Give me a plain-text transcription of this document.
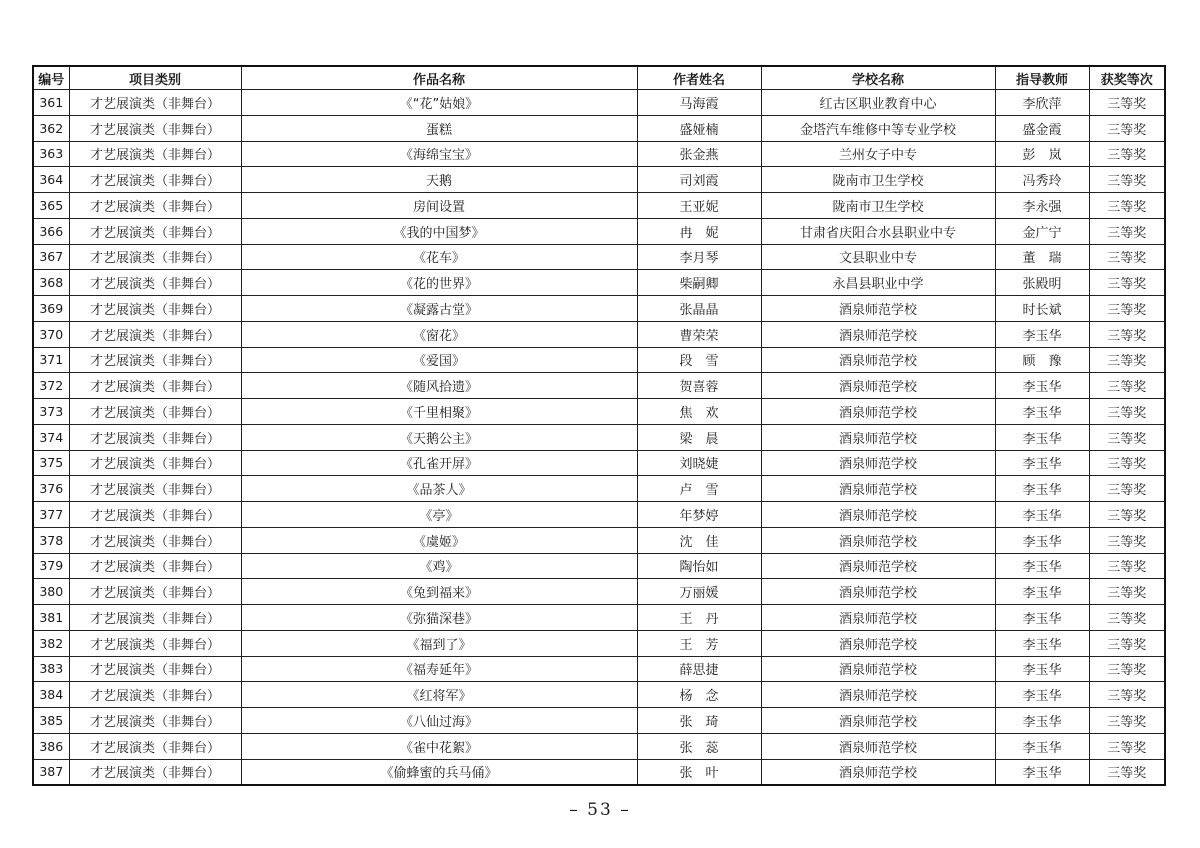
编号	项目类别	作品名称	作者姓名	学校名称	指导教师	获奖等次
361	才艺展演类（非舞台）	《“花”姑娘》	马海霞	红古区职业教育中心	李欣萍	三等奖
362	才艺展演类（非舞台）	蛋糕	盛娅楠	金塔汽车维修中等专业学校	盛金霞	三等奖
363	才艺展演类（非舞台）	《海绵宝宝》	张金燕	兰州女子中专	彭　岚	三等奖
364	才艺展演类（非舞台）	天鹅	司刘霞	陇南市卫生学校	冯秀玲	三等奖
365	才艺展演类（非舞台）	房间设置	王亚妮	陇南市卫生学校	李永强	三等奖
366	才艺展演类（非舞台）	《我的中国梦》	冉　妮	甘肃省庆阳合水县职业中专	金广宁	三等奖
367	才艺展演类（非舞台）	《花车》	李月琴	文县职业中专	董　瑞	三等奖
368	才艺展演类（非舞台）	《花的世界》	柴嗣卿	永昌县职业中学	张殿明	三等奖
369	才艺展演类（非舞台）	《凝露古堂》	张晶晶	酒泉师范学校	时长斌	三等奖
370	才艺展演类（非舞台）	《窗花》	曹荣荣	酒泉师范学校	李玉华	三等奖
371	才艺展演类（非舞台）	《爱国》	段　雪	酒泉师范学校	顾　豫	三等奖
372	才艺展演类（非舞台）	《随风拾遗》	贺喜蓉	酒泉师范学校	李玉华	三等奖
373	才艺展演类（非舞台）	《千里相聚》	焦　欢	酒泉师范学校	李玉华	三等奖
374	才艺展演类（非舞台）	《天鹅公主》	梁　晨	酒泉师范学校	李玉华	三等奖
375	才艺展演类（非舞台）	《孔雀开屏》	刘晓婕	酒泉师范学校	李玉华	三等奖
376	才艺展演类（非舞台）	《品茶人》	卢　雪	酒泉师范学校	李玉华	三等奖
377	才艺展演类（非舞台）	《亭》	年梦婷	酒泉师范学校	李玉华	三等奖
378	才艺展演类（非舞台）	《虞姬》	沈　佳	酒泉师范学校	李玉华	三等奖
379	才艺展演类（非舞台）	《鸡》	陶怡如	酒泉师范学校	李玉华	三等奖
380	才艺展演类（非舞台）	《兔到福来》	万丽媛	酒泉师范学校	李玉华	三等奖
381	才艺展演类（非舞台）	《弥猫深巷》	王　丹	酒泉师范学校	李玉华	三等奖
382	才艺展演类（非舞台）	《福到了》	王　芳	酒泉师范学校	李玉华	三等奖
383	才艺展演类（非舞台）	《福寿延年》	薛思捷	酒泉师范学校	李玉华	三等奖
384	才艺展演类（非舞台）	《红将军》	杨　念	酒泉师范学校	李玉华	三等奖
385	才艺展演类（非舞台）	《八仙过海》	张　琦	酒泉师范学校	李玉华	三等奖
386	才艺展演类（非舞台）	《雀中花絮》	张　蕊	酒泉师范学校	李玉华	三等奖
387	才艺展演类（非舞台）	《偷蜂蜜的兵马俑》	张　叶	酒泉师范学校	李玉华	三等奖
– 53 –
